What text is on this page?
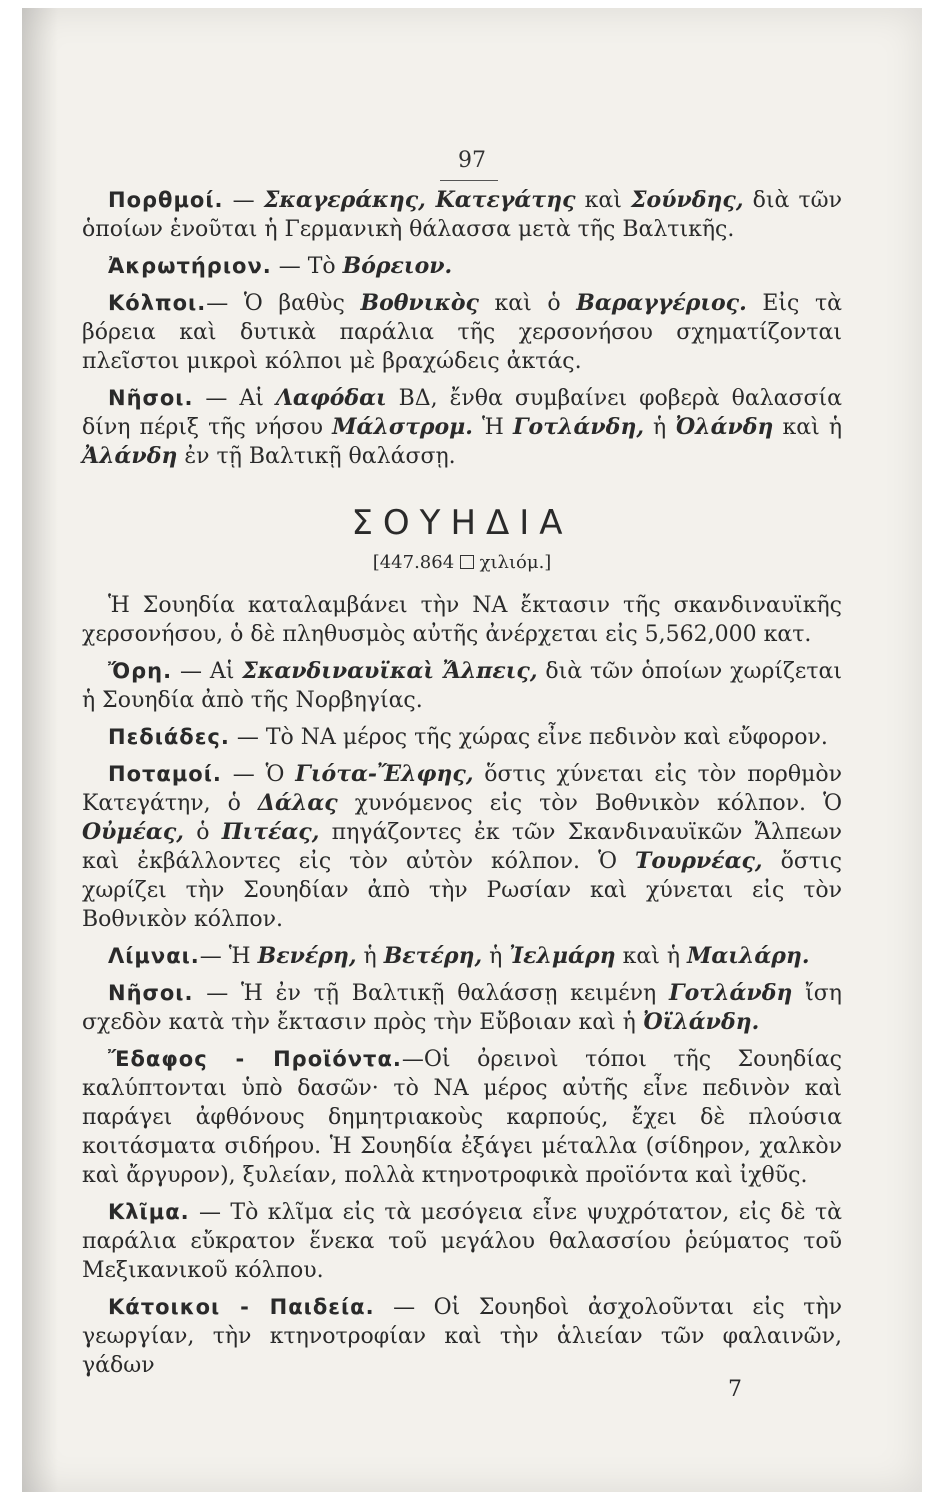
97

Πορθμοί. — Σκαγεράκης, Κατεγάτης καὶ Σούνδης, διὰ τῶν ὁποίων ἑνοῦται ἡ Γερμανικὴ θάλασσα μετὰ τῆς Βαλτικῆς.

Ἀκρωτήριον. — Τὸ Βόρειον.

Κόλποι.— Ὁ βαθὺς Βοθνικὸς καὶ ὁ Βαραγγέριος. Εἰς τὰ βόρεια καὶ δυτικὰ παράλια τῆς χερσονήσου σχηματίζονται πλεῖστοι μικροὶ κόλποι μὲ βραχώδεις ἀκτάς.

Νῆσοι. — Αἱ Λαφόδαι ΒΔ, ἔνθα συμβαίνει φοβερὰ θαλασσία δίνη πέριξ τῆς νήσου Μάλστρομ. Ἡ Γοτλάνδη, ἡ Ὀλάνδη καὶ ἡ Ἀλάνδη ἐν τῇ Βαλτικῇ θαλάσσῃ.

ΣΟΥΗΔΙΑ
[447.864  χιλιόμ.]

Ἡ Σουηδία καταλαμβάνει τὴν ΝΑ ἔκτασιν τῆς σκανδιναυϊκῆς χερσονήσου, ὁ δὲ πληθυσμὸς αὐτῆς ἀνέρχεται εἰς 5,562,000 κατ.

Ὄρη. — Αἱ Σκανδιναυϊκαὶ Ἄλπεις, διὰ τῶν ὁποίων χωρίζεται ἡ Σουηδία ἀπὸ τῆς Νορβηγίας.

Πεδιάδες. — Τὸ ΝΑ μέρος τῆς χώρας εἶνε πεδινὸν καὶ εὔφορον.

Ποταμοί. — Ὁ Γιότα-Ἔλφης, ὅστις χύνεται εἰς τὸν πορθμὸν Κατεγάτην, ὁ Δάλας χυνόμενος εἰς τὸν Βοθνικὸν κόλπον. Ὁ Οὐμέας, ὁ Πιτέας, πηγάζοντες ἐκ τῶν Σκανδιναυϊκῶν Ἄλπεων καὶ ἐκβάλλοντες εἰς τὸν αὐτὸν κόλπον. Ὁ Τουρνέας, ὅστις χωρίζει τὴν Σουηδίαν ἀπὸ τὴν Ρωσίαν καὶ χύνεται εἰς τὸν Βοθνικὸν κόλπον.

Λίμναι.— Ἡ Βενέρη, ἡ Βετέρη, ἡ Ἰελμάρη καὶ ἡ Μαιλάρη.

Νῆσοι. — Ἡ ἐν τῇ Βαλτικῇ θαλάσσῃ κειμένη Γοτλάνδη ἴση σχεδὸν κατὰ τὴν ἔκτασιν πρὸς τὴν Εὔβοιαν καὶ ἡ Ὀϊλάνδη.

Ἔδαφος - Προϊόντα.—Οἱ ὀρεινοὶ τόποι τῆς Σουηδίας καλύπτονται ὑπὸ δασῶν· τὸ ΝΑ μέρος αὐτῆς εἶνε πεδινὸν καὶ παράγει ἀφθόνους δημητριακοὺς καρπούς, ἔχει δὲ πλούσια κοιτάσματα σιδήρου. Ἡ Σουηδία ἐξάγει μέταλλα (σίδηρον, χαλκὸν καὶ ἄργυρον), ξυλείαν, πολλὰ κτηνοτροφικὰ προϊόντα καὶ ἰχθῦς.

Κλῖμα. — Τὸ κλῖμα εἰς τὰ μεσόγεια εἶνε ψυχρότατον, εἰς δὲ τὰ παράλια εὔκρατον ἕνεκα τοῦ μεγάλου θαλασσίου ῥεύματος τοῦ Μεξικανικοῦ κόλπου.

Κάτοικοι - Παιδεία. — Οἱ Σουηδοὶ ἀσχολοῦνται εἰς τὴν γεωργίαν, τὴν κτηνοτροφίαν καὶ τὴν ἁλιείαν τῶν φαλαινῶν, γάδων

7
